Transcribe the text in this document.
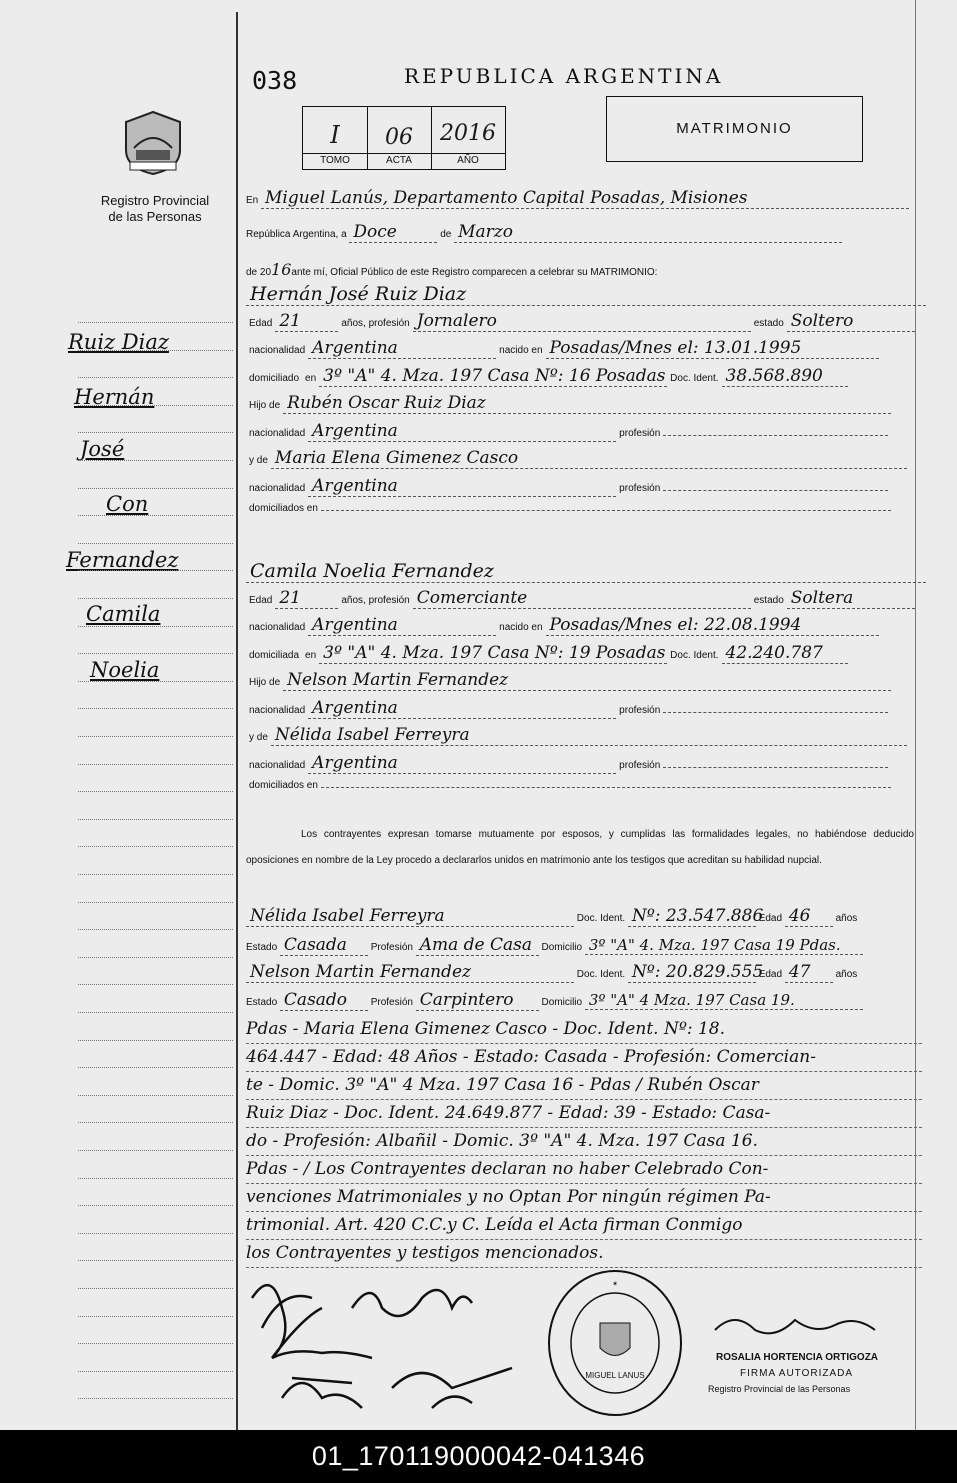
Registro Provincial
de las Personas
Ruiz Diaz
Hernán
José
Con
Fernandez
Camila
Noelia
038	REPUBLICA ARGENTINA
I	06	2016
TOMO	ACTA	AÑO
MATRIMONIO
En Miguel Lanús, Departamento Capital Posadas, Misiones
República Argentina, a Doce	de Marzo
de 2016ante mí, Oficial Público de este Registro comparecen a celebrar su MATRIMONIO:
Hernán José Ruiz Diaz
Edad 21	años, profesión Jornalero	estado Soltero
nacionalidad Argentina	nacido en Posadas/Mnes el: 13.01.1995
domiciliado en 3º "A" 4. Mza. 197 Casa Nº: 16 Posadas Doc. Ident. 38.568.890
Hijo de Rubén Oscar Ruiz Diaz
nacionalidad Argentina	profesión
y de Maria Elena Gimenez Casco
nacionalidad Argentina	profesión
domiciliados en
Camila Noelia Fernandez
Edad 21	años, profesión Comerciante	estado Soltera
nacionalidad Argentina	nacido en Posadas/Mnes el: 22.08.1994
domiciliada en 3º "A" 4. Mza. 197 Casa Nº: 19 Posadas Doc. Ident. 42.240.787
Hijo de Nelson Martin Fernandez
nacionalidad Argentina	profesión
y de Nélida Isabel Ferreyra
nacionalidad Argentina	profesión
domiciliados en
Los contrayentes expresan tomarse mutuamente por esposos, y cumplidas las formalidades legales, no habiéndose deducido oposiciones en nombre de la Ley procedo a declararlos unidos en matrimonio ante los testigos que acreditan su habilidad nupcial.
Nélida Isabel Ferreyra	Doc. Ident. Nº: 23.547.886 Edad 46	años
Estado Casada Profesión Ama de Casa Domicilio 3º "A" 4. Mza. 197 Casa 19 Pdas.
Nelson Martin Fernandez	Doc. Ident. Nº: 20.829.555 Edad 47	años
Estado Casado Profesión Carpintero	Domicilio 3º "A" 4 Mza. 197 Casa 19.
Pdas - Maria Elena Gimenez Casco - Doc. Ident. Nº: 18.
464.447 - Edad: 48 Años - Estado: Casada - Profesión: Comercian-
te - Domic. 3º "A" 4 Mza. 197 Casa 16 - Pdas / Rubén Oscar
Ruiz Diaz - Doc. Ident. 24.649.877 - Edad: 39 - Estado: Casa-
do - Profesión: Albañil - Domic. 3º "A" 4. Mza. 197 Casa 16.
Pdas - / Los Contrayentes declaran no haber Celebrado Con-
venciones Matrimoniales y no Optan Por ningún régimen Pa-
trimonial. Art. 420 C.C.y C. Leída el Acta firman Conmigo
los Contrayentes y testigos mencionados.
MIGUEL LANUS
✶
ROSALIA HORTENCIA ORTIGOZA
FIRMA AUTORIZADA
Registro Provincial de las Personas
01_170119000042-041346
